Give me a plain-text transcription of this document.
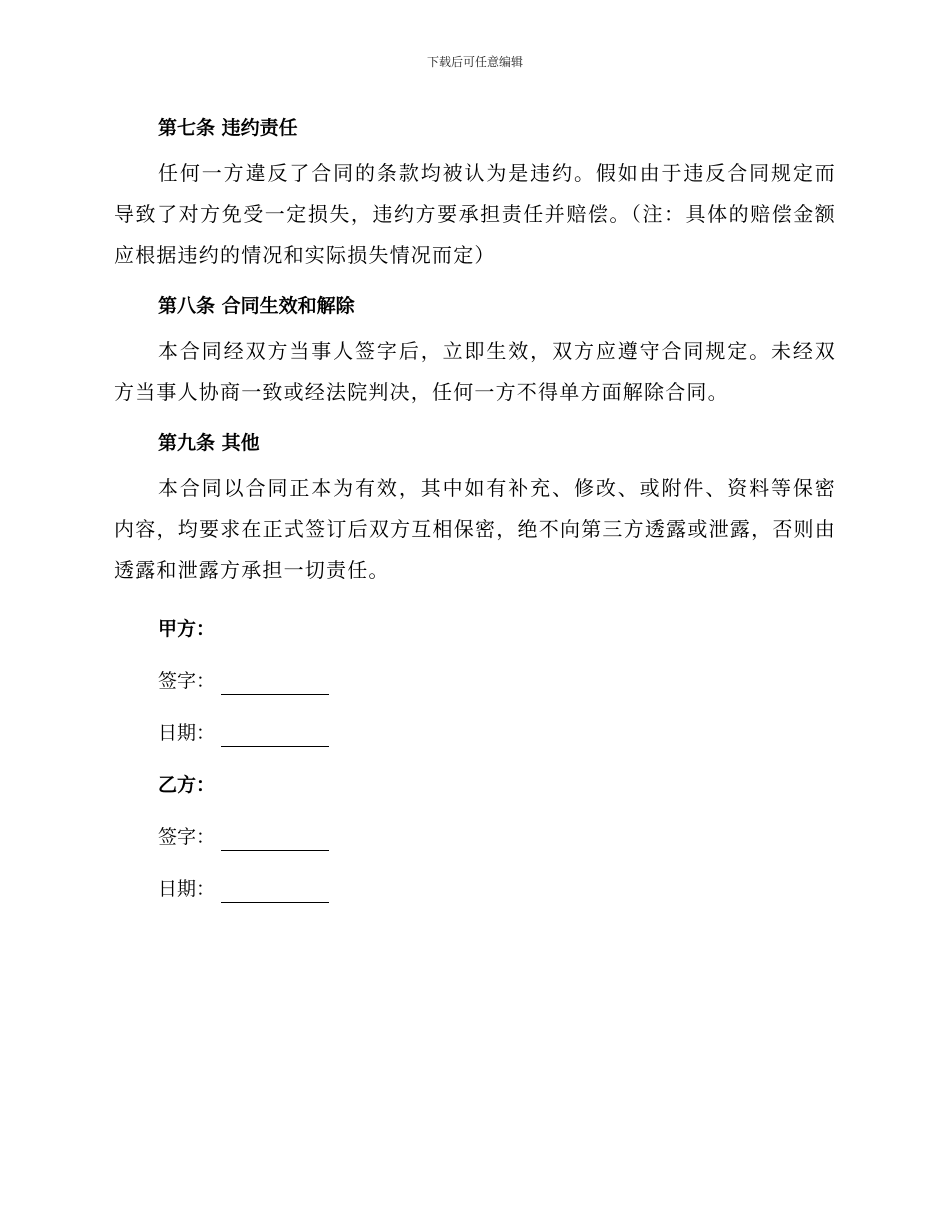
下载后可任意编辑

第七条 违约责任

任何一方違反了合同的条款均被认为是违约。假如由于违反合同规定而导致了对方免受一定损失，违约方要承担责任并赔偿。（注：具体的赔偿金额应根据违约的情况和实际损失情况而定）

第八条 合同生效和解除

本合同经双方当事人签字后，立即生效，双方应遵守合同规定。未经双方当事人协商一致或经法院判决，任何一方不得单方面解除合同。

第九条 其他

本合同以合同正本为有效，其中如有补充、修改、或附件、资料等保密内容，均要求在正式签订后双方互相保密，绝不向第三方透露或泄露，否则由透露和泄露方承担一切责任。

甲方：

签字：
日期：

乙方：

签字：
日期：
